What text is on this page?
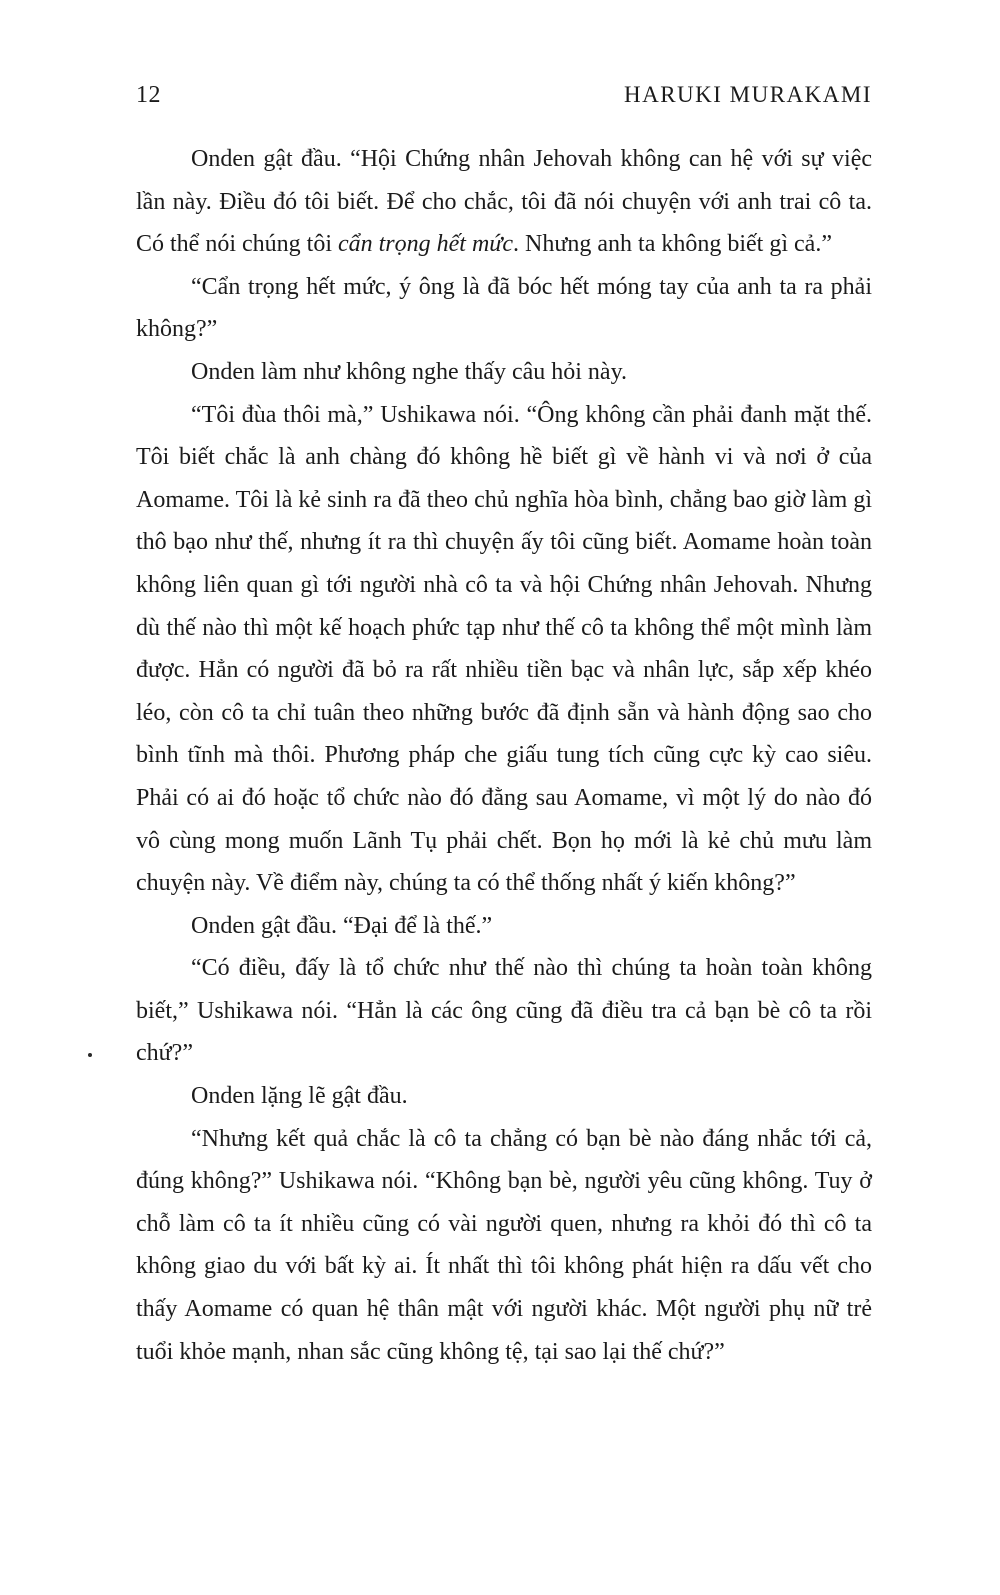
12	HARUKI MURAKAMI

Onden gật đầu. “Hội Chứng nhân Jehovah không can hệ với sự việc lần này. Điều đó tôi biết. Để cho chắc, tôi đã nói chuyện với anh trai cô ta. Có thể nói chúng tôi cẩn trọng hết mức. Nhưng anh ta không biết gì cả.”

“Cẩn trọng hết mức, ý ông là đã bóc hết móng tay của anh ta ra phải không?”

Onden làm như không nghe thấy câu hỏi này.

“Tôi đùa thôi mà,” Ushikawa nói. “Ông không cần phải đanh mặt thế. Tôi biết chắc là anh chàng đó không hề biết gì về hành vi và nơi ở của Aomame. Tôi là kẻ sinh ra đã theo chủ nghĩa hòa bình, chẳng bao giờ làm gì thô bạo như thế, nhưng ít ra thì chuyện ấy tôi cũng biết. Aomame hoàn toàn không liên quan gì tới người nhà cô ta và hội Chứng nhân Jehovah. Nhưng dù thế nào thì một kế hoạch phức tạp như thế cô ta không thể một mình làm được. Hẳn có người đã bỏ ra rất nhiều tiền bạc và nhân lực, sắp xếp khéo léo, còn cô ta chỉ tuân theo những bước đã định sẵn và hành động sao cho bình tĩnh mà thôi. Phương pháp che giấu tung tích cũng cực kỳ cao siêu. Phải có ai đó hoặc tổ chức nào đó đằng sau Aomame, vì một lý do nào đó vô cùng mong muốn Lãnh Tụ phải chết. Bọn họ mới là kẻ chủ mưu làm chuyện này. Về điểm này, chúng ta có thể thống nhất ý kiến không?”

Onden gật đầu. “Đại để là thế.”

“Có điều, đấy là tổ chức như thế nào thì chúng ta hoàn toàn không biết,” Ushikawa nói. “Hẳn là các ông cũng đã điều tra cả bạn bè cô ta rồi chứ?”

Onden lặng lẽ gật đầu.

“Nhưng kết quả chắc là cô ta chẳng có bạn bè nào đáng nhắc tới cả, đúng không?” Ushikawa nói. “Không bạn bè, người yêu cũng không. Tuy ở chỗ làm cô ta ít nhiều cũng có vài người quen, nhưng ra khỏi đó thì cô ta không giao du với bất kỳ ai. Ít nhất thì tôi không phát hiện ra dấu vết cho thấy Aomame có quan hệ thân mật với người khác. Một người phụ nữ trẻ tuổi khỏe mạnh, nhan sắc cũng không tệ, tại sao lại thế chứ?”
